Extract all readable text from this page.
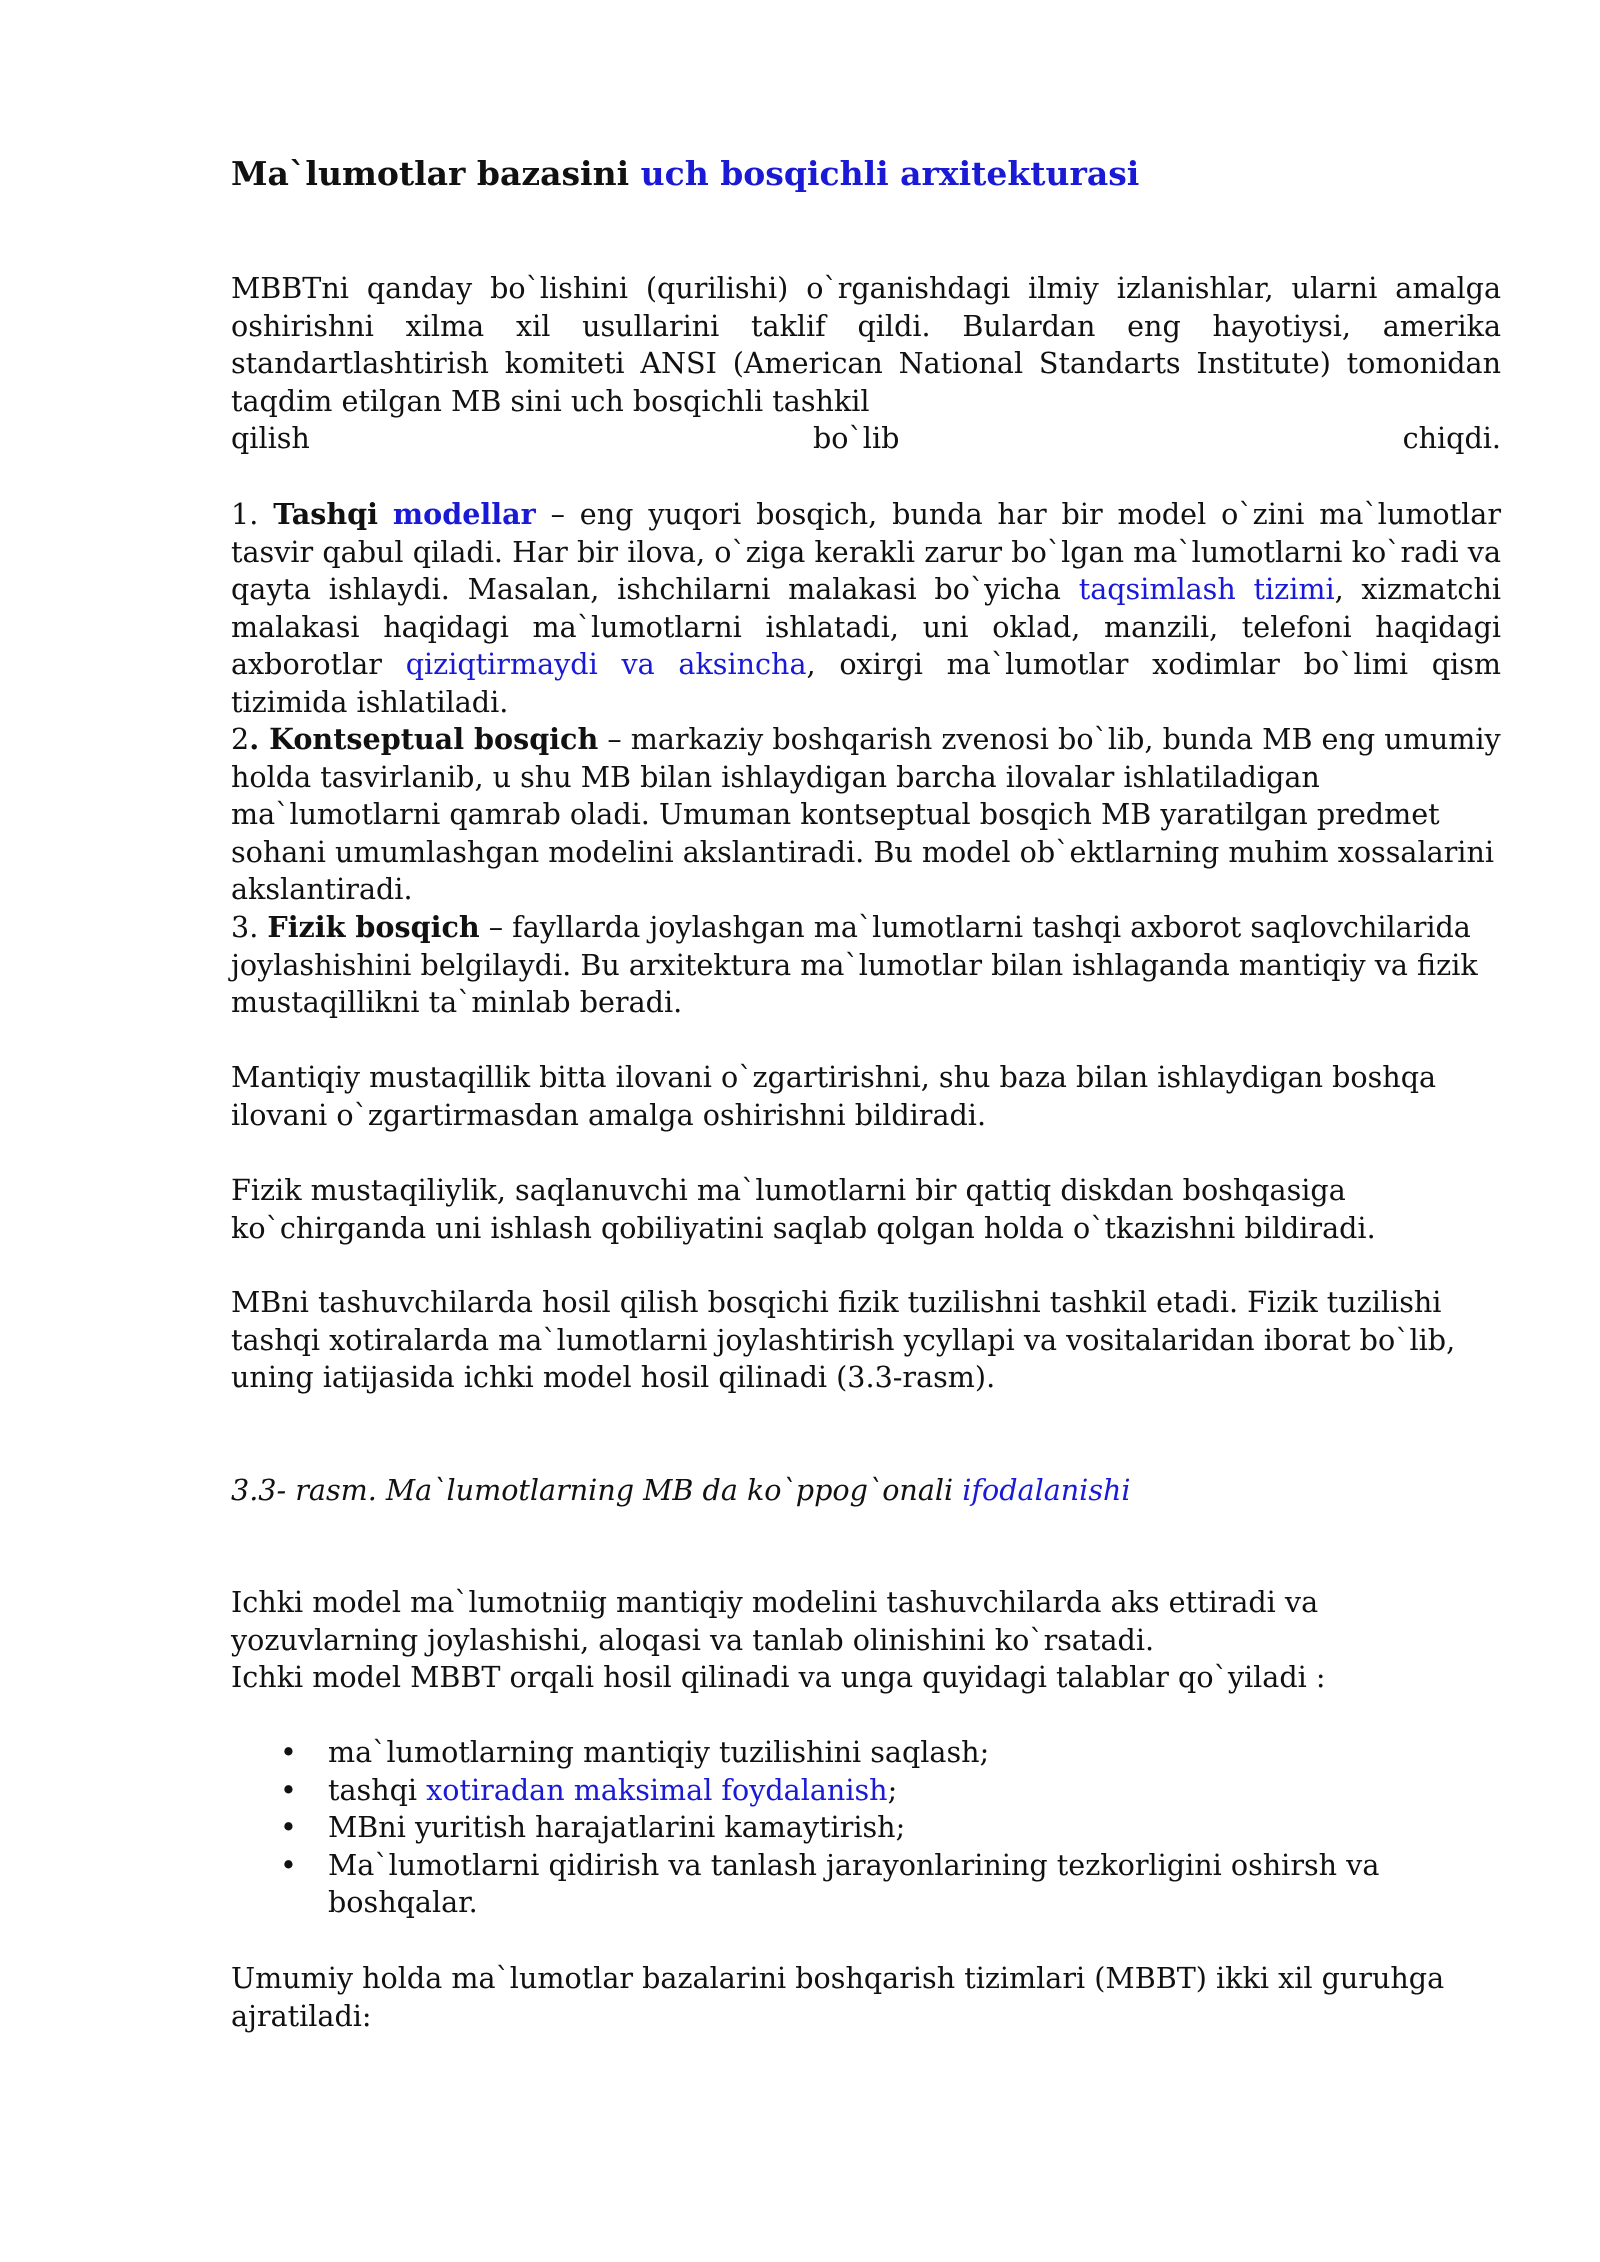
Ma`lumotlar bazasini uch bosqichli arxitekturasi
MBBTni qanday bo`lishini (qurilishi) o`rganishdagi ilmiy izlanishlar, ularni amalga oshirishni xilma xil usullarini taklif qildi. Bulardan eng hayotiysi, amerika standartlashtirish komiteti ANSI (American National Standarts Institute) tomonidan taqdim etilgan MB sini uch bosqichli tashkil
qilish bo`lib chiqdi.

1. Tashqi modellar – eng yuqori bosqich, bunda har bir model o`zini ma`lumotlar tasvir qabul qiladi. Har bir ilova, o`ziga kerakli zarur bo`lgan ma`lumotlarni ko`radi va qayta ishlaydi. Masalan, ishchilarni malakasi bo`yicha taqsimlash tizimi, xizmatchi malakasi haqidagi ma`lumotlarni ishlatadi, uni oklad, manzili, telefoni haqidagi axborotlar qiziqtirmaydi va aksincha, oxirgi ma`lumotlar xodimlar bo`limi qism tizimida ishlatiladi.

2. Kontseptual bosqich – markaziy boshqarish zvenosi bo`lib, bunda MB eng umumiy holda tasvirlanib, u shu MB bilan ishlaydigan barcha ilovalar ishlatiladigan ma`lumotlarni qamrab oladi. Umuman kontseptual bosqich MB yaratilgan predmet sohani umumlashgan modelini akslantiradi. Bu model ob`ektlarning muhim xossalarini akslantiradi.

3. Fizik bosqich – fayllarda joylashgan ma`lumotlarni tashqi axborot saqlovchilarida joylashishini belgilaydi. Bu arxitektura ma`lumotlar bilan ishlaganda mantiqiy va fizik mustaqillikni ta`minlab beradi.

Mantiqiy mustaqillik bitta ilovani o`zgartirishni, shu baza bilan ishlaydigan boshqa ilovani o`zgartirmasdan amalga oshirishni bildiradi.

Fizik mustaqiliylik, saqlanuvchi ma`lumotlarni bir qattiq diskdan boshqasiga ko`chirganda uni ishlash qobiliyatini saqlab qolgan holda o`tkazishni bildiradi.

MBni tashuvchilarda hosil qilish bosqichi fizik tuzilishni tashkil etadi. Fizik tuzilishi tashqi xotiralarda ma`lumotlarni joylashtirish ycyllapi va vositalaridan iborat bo`lib, uning iatijasida ichki model hosil qilinadi (3.3-rasm).

3.3- rasm. Ma`lumotlarning MB da ko`ppog`onali ifodalanishi

Ichki model ma`lumotniig mantiqiy modelini tashuvchilarda aks ettiradi va yozuvlarning joylashishi, aloqasi va tanlab olinishini ko`rsatadi.

Ichki model MBBT orqali hosil qilinadi va unga quyidagi talablar qo`yiladi :

• ma`lumotlarning mantiqiy tuzilishini saqlash;
• tashqi xotiradan maksimal foydalanish;
• MBni yuritish harajatlarini kamaytirish;
• Ma`lumotlarni qidirish va tanlash jarayonlarining tezkorligini oshirsh va boshqalar.

Umumiy holda ma`lumotlar bazalarini boshqarish tizimlari (MBBT) ikki xil guruhga ajratiladi:
